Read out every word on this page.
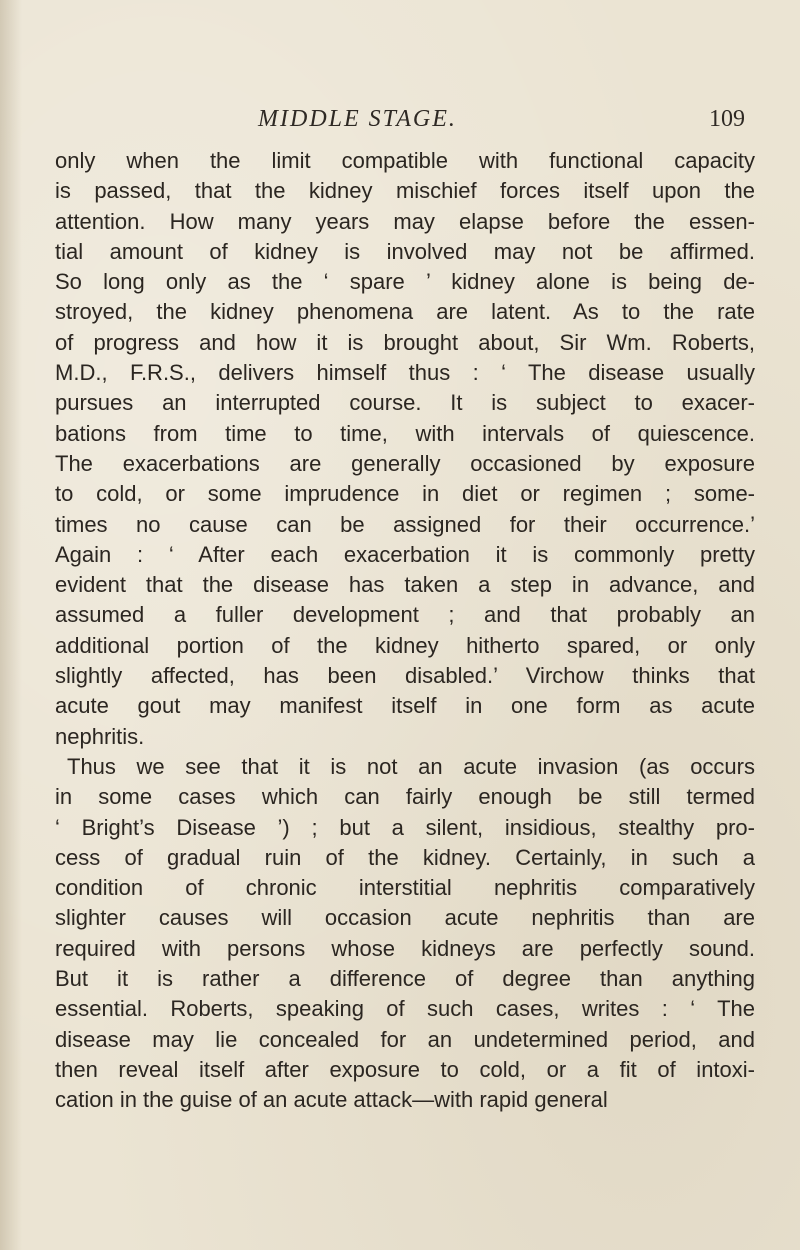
MIDDLE STAGE.	109
only when the limit compatible with functional capacity
is passed, that the kidney mischief forces itself upon the
attention. How many years may elapse before the essen-
tial amount of kidney is involved may not be affirmed.
So long only as the ‘ spare ’ kidney alone is being de-
stroyed, the kidney phenomena are latent. As to the rate
of progress and how it is brought about, Sir Wm. Roberts,
M.D., F.R.S., delivers himself thus : ‘ The disease usually
pursues an interrupted course. It is subject to exacer-
bations from time to time, with intervals of quiescence.
The exacerbations are generally occasioned by exposure
to cold, or some imprudence in diet or regimen ; some-
times no cause can be assigned for their occurrence.’
Again : ‘ After each exacerbation it is commonly pretty
evident that the disease has taken a step in advance, and
assumed a fuller development ; and that probably an
additional portion of the kidney hitherto spared, or only
slightly affected, has been disabled.’ Virchow thinks that
acute gout may manifest itself in one form as acute
nephritis.
Thus we see that it is not an acute invasion (as occurs
in some cases which can fairly enough be still termed
‘ Bright’s Disease ’) ; but a silent, insidious, stealthy pro-
cess of gradual ruin of the kidney. Certainly, in such a
condition of chronic interstitial nephritis comparatively
slighter causes will occasion acute nephritis than are
required with persons whose kidneys are perfectly sound.
But it is rather a difference of degree than anything
essential. Roberts, speaking of such cases, writes : ‘ The
disease may lie concealed for an undetermined period, and
then reveal itself after exposure to cold, or a fit of intoxi-
cation in the guise of an acute attack—with rapid general
